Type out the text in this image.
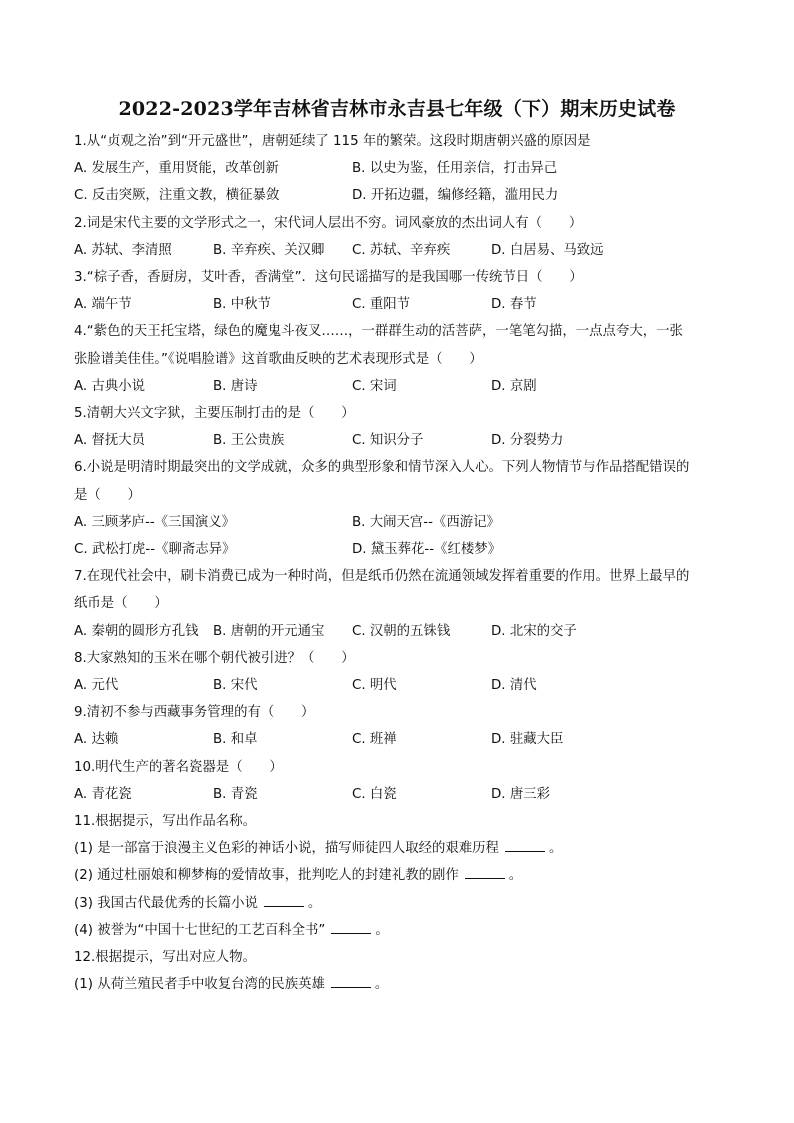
2022-2023学年吉林省吉林市永吉县七年级（下）期末历史试卷
1.从“贞观之治”到“开元盛世”，唐朝延续了 115 年的繁荣。这段时期唐朝兴盛的原因是
A. 发展生产，重用贤能，改革创新	B. 以史为鉴，任用亲信，打击异己
C. 反击突厥，注重文教，横征暴敛	D. 开拓边疆，编修经籍，滥用民力
2.词是宋代主要的文学形式之一，宋代词人层出不穷。词风豪放的杰出词人有（　　）
A. 苏轼、李清照	B. 辛弃疾、关汉卿	C. 苏轼、辛弃疾	D. 白居易、马致远
3.“棕子香，香厨房，艾叶香，香满堂”．这句民谣描写的是我国哪一传统节日（　　）
A. 端午节	B. 中秋节	C. 重阳节	D. 春节
4.“紫色的天王托宝塔，绿色的魔鬼斗夜叉……，一群群生动的活菩萨，一笔笔勾描，一点点夸大，一张
张脸谱美佳佳。”《说唱脸谱》这首歌曲反映的艺术表现形式是（　　）
A. 古典小说	B. 唐诗	C. 宋词	D. 京剧
5.清朝大兴文字狱，主要压制打击的是（　　）
A. 督抚大员	B. 王公贵族	C. 知识分子	D. 分裂势力
6.小说是明清时期最突出的文学成就，众多的典型形象和情节深入人心。下列人物情节与作品搭配错误的
是（　　）
A. 三顾茅庐--《三国演义》	B. 大闹天宫--《西游记》
C. 武松打虎--《聊斋志异》	D. 黛玉葬花--《红楼梦》
7.在现代社会中，刷卡消费已成为一种时尚，但是纸币仍然在流通领域发挥着重要的作用。世界上最早的
纸币是（　　）
A. 秦朝的圆形方孔钱	B. 唐朝的开元通宝	C. 汉朝的五铢钱	D. 北宋的交子
8.大家熟知的玉米在哪个朝代被引进？（　　）
A. 元代	B. 宋代	C. 明代	D. 清代
9.清初不参与西藏事务管理的有（　　）
A. 达赖	B. 和卓	C. 班禅	D. 驻藏大臣
10.明代生产的著名瓷器是（　　）
A. 青花瓷	B. 青瓷	C. 白瓷	D. 唐三彩
11.根据提示，写出作品名称。
(1) 是一部富于浪漫主义色彩的神话小说，描写师徒四人取经的艰难历程	。
(2) 通过杜丽娘和柳梦梅的爱情故事，批判吃人的封建礼教的剧作	。
(3) 我国古代最优秀的长篇小说	。
(4) 被誉为“中国十七世纪的工艺百科全书”	。
12.根据提示，写出对应人物。
(1) 从荷兰殖民者手中收复台湾的民族英雄	。
